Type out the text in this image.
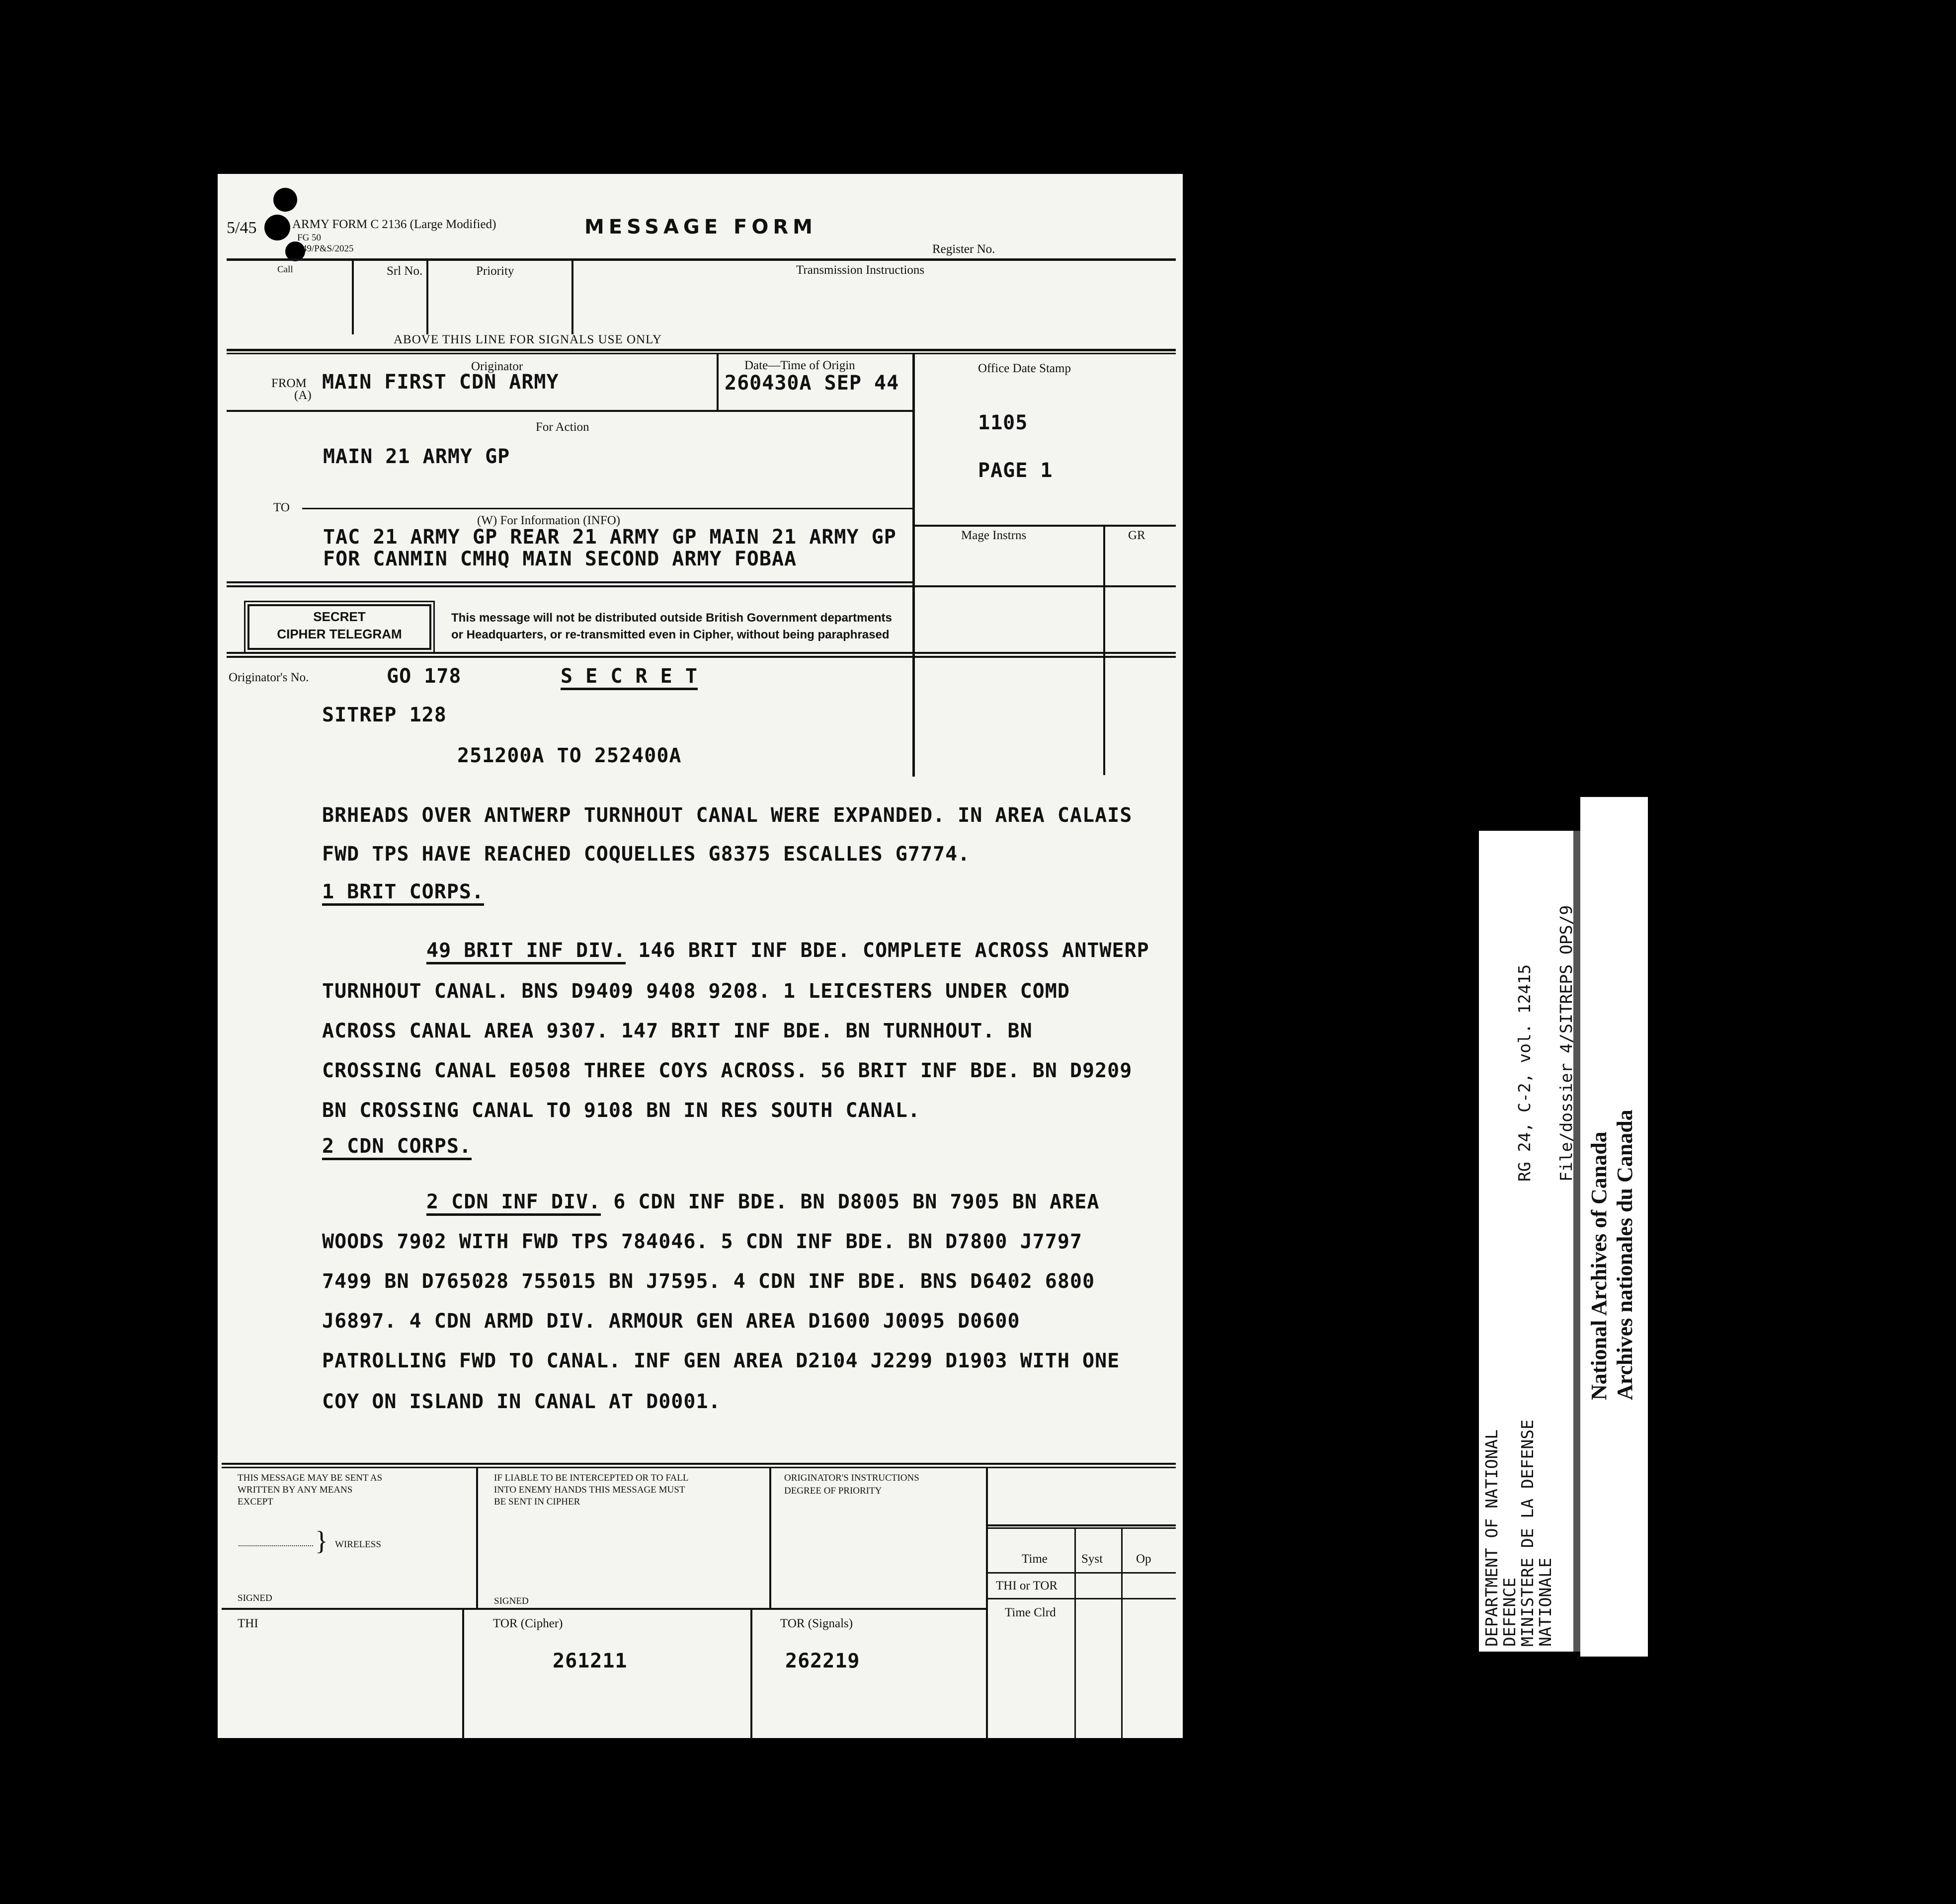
5/45	ARMY FORM C 2136 (Large Modified)
FG 50
49/P&S/2025
MESSAGE FORM
Register No.
Call	Srl No.	Priority	Transmission Instructions
ABOVE THIS LINE FOR SIGNALS USE ONLY
FROM
(A)
Originator
MAIN FIRST CDN ARMY
Date—Time of Origin
260430A SEP 44
Office Date Stamp
1105
PAGE 1
Mage Instrns	GR
For Action
MAIN 21 ARMY GP
TO
(W) For Information (INFO)
TAC 21 ARMY GP REAR 21 ARMY GP MAIN 21 ARMY GP
FOR CANMIN CMHQ MAIN SECOND ARMY FOBAA
SECRET
CIPHER TELEGRAM
This message will not be distributed outside British Government departments
or Headquarters, or re-transmitted even in Cipher, without being paraphrased
Originator's No.	GO 178	S E C R E T
SITREP 128
251200A TO 252400A
BRHEADS OVER ANTWERP TURNHOUT CANAL WERE EXPANDED. IN AREA CALAIS
FWD TPS HAVE REACHED COQUELLES G8375 ESCALLES G7774.
1 BRIT CORPS.
49 BRIT INF DIV. 146 BRIT INF BDE. COMPLETE ACROSS ANTWERP
TURNHOUT CANAL. BNS D9409 9408 9208. 1 LEICESTERS UNDER COMD
ACROSS CANAL AREA 9307. 147 BRIT INF BDE. BN TURNHOUT. BN
CROSSING CANAL E0508 THREE COYS ACROSS. 56 BRIT INF BDE. BN D9209
BN CROSSING CANAL TO 9108 BN IN RES SOUTH CANAL.
2 CDN CORPS.
2 CDN INF DIV. 6 CDN INF BDE. BN D8005 BN 7905 BN AREA
WOODS 7902 WITH FWD TPS 784046. 5 CDN INF BDE. BN D7800 J7797
7499 BN D765028 755015 BN J7595. 4 CDN INF BDE. BNS D6402 6800
J6897. 4 CDN ARMD DIV. ARMOUR GEN AREA D1600 J0095 D0600
PATROLLING FWD TO CANAL. INF GEN AREA D2104 J2299 D1903 WITH ONE
COY ON ISLAND IN CANAL AT D0001.
THIS MESSAGE MAY BE SENT AS
WRITTEN BY ANY MEANS
EXCEPT
} WIRELESS
SIGNED
IF LIABLE TO BE INTERCEPTED OR TO FALL
INTO ENEMY HANDS THIS MESSAGE MUST
BE SENT IN CIPHER
SIGNED
ORIGINATOR'S INSTRUCTIONS
DEGREE OF PRIORITY
Time	Syst	Op
THI or TOR
Time Clrd
THI	TOR (Cipher)
261211
TOR (Signals)
262219
DEPARTMENT OF NATIONAL
DEFENCE
MINISTERE DE LA DEFENSE
NATIONALE
RG 24, C-2, vol. 12415	File/dossier 4/SITREPS OPS/9
National Archives of Canada Archives nationales du Canada
